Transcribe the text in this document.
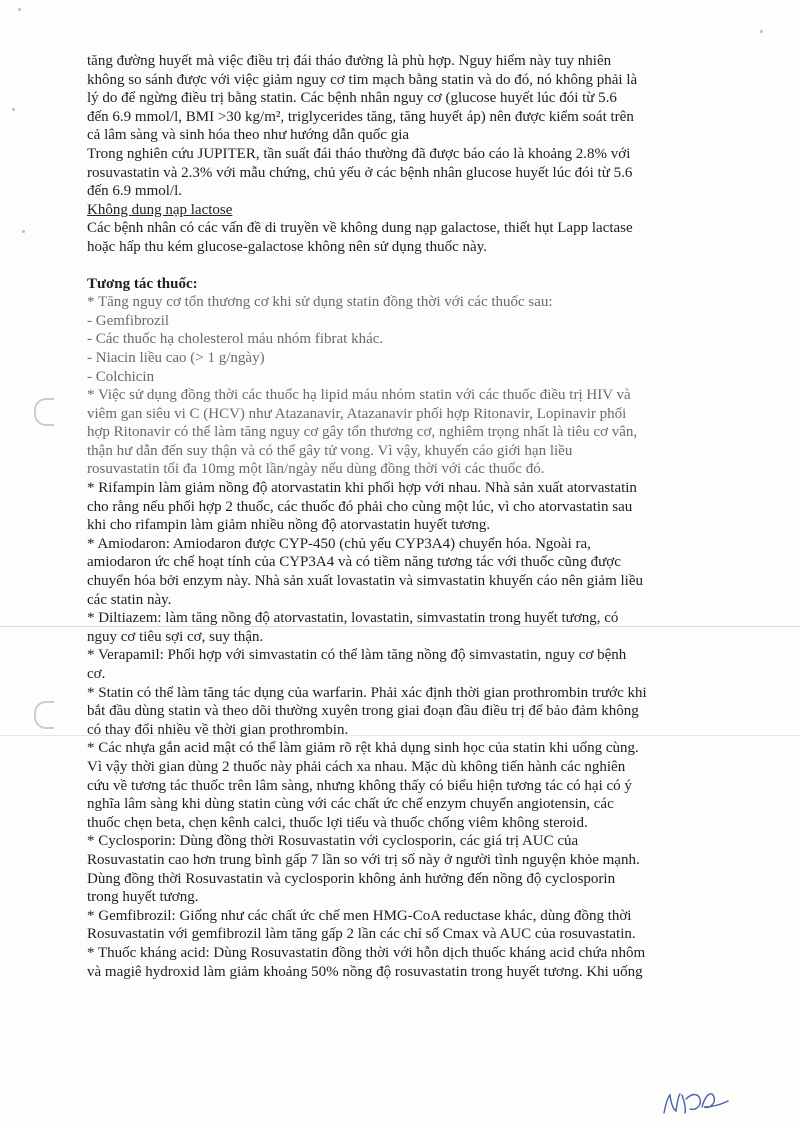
tăng đường huyết mà việc điều trị đái tháo đường là phù hợp. Nguy hiểm này tuy nhiên
không so sánh được với việc giảm nguy cơ tim mạch bằng statin và do đó, nó không phải là
lý do để ngừng điều trị bằng statin. Các bệnh nhân nguy cơ (glucose huyết lúc đói từ 5.6
đến 6.9 mmol/l, BMI >30 kg/m², triglycerides tăng, tăng huyết áp) nên được kiểm soát trên
cả lâm sàng và sinh hóa theo như hướng dẫn quốc gia
Trong nghiên cứu JUPITER, tần suất đái tháo thường đã được báo cáo là khoảng 2.8% với
rosuvastatin và 2.3% với mẫu chứng, chủ yếu ở các bệnh nhân glucose huyết lúc đói từ 5.6
đến 6.9 mmol/l.
Không dung nạp lactose
Các bệnh nhân có các vấn đề di truyền về không dung nạp galactose, thiết hụt Lapp lactase
hoặc hấp thu kém glucose-galactose không nên sử dụng thuốc này.
Tương tác thuốc:
* Tăng nguy cơ tổn thương cơ khi sử dụng statin đồng thời với các thuốc sau:
- Gemfibrozil
- Các thuốc hạ cholesterol máu nhóm fibrat khác.
- Niacin liều cao (> 1 g/ngày)
- Colchicin
* Việc sử dụng đồng thời các thuốc hạ lipid máu nhóm statin với các thuốc điều trị HIV và
viêm gan siêu vi C (HCV) như Atazanavir, Atazanavir phối hợp Ritonavir, Lopinavir phối
hợp Ritonavir có thể làm tăng nguy cơ gây tổn thương cơ, nghiêm trọng nhất là tiêu cơ vân,
thận hư dẫn đến suy thận và có thể gây tử vong. Vì vậy, khuyến cáo giới hạn liều
rosuvastatin tối đa 10mg một lần/ngày nếu dùng đồng thời với các thuốc đó.
* Rifampin làm giảm nồng độ atorvastatin khi phối hợp với nhau. Nhà sản xuất atorvastatin
cho rằng nếu phối hợp 2 thuốc, các thuốc đó phải cho cùng một lúc, vì cho atorvastatin sau
khi cho rifampin làm giảm nhiều nồng độ atorvastatin huyết tương.
* Amiodaron: Amiodaron được CYP-450 (chủ yếu CYP3A4) chuyển hóa. Ngoài ra,
amiodaron ức chế hoạt tính của CYP3A4 và có tiềm năng tương tác với thuốc cũng được
chuyển hóa bởi enzym này. Nhà sản xuất lovastatin và simvastatin khuyến cáo nên giảm liều
các statin này.
* Diltiazem: làm tăng nồng độ atorvastatin, lovastatin, simvastatin trong huyết tương, có
nguy cơ tiêu sợi cơ, suy thận.
* Verapamil: Phối hợp với simvastatin có thể làm tăng nồng độ simvastatin, nguy cơ bệnh
cơ.
* Statin có thể làm tăng tác dụng của warfarin. Phải xác định thời gian prothrombin trước khi
bắt đầu dùng statin và theo dõi thường xuyên trong giai đoạn đầu điều trị để bảo đảm không
có thay đổi nhiều về thời gian prothrombin.
* Các nhựa gắn acid mật có thể làm giảm rõ rệt khả dụng sinh học của statin khi uống cùng.
Vì vậy thời gian dùng 2 thuốc này phải cách xa nhau. Mặc dù không tiến hành các nghiên
cứu về tương tác thuốc trên lâm sàng, nhưng không thấy có biểu hiện tương tác có hại có ý
nghĩa lâm sàng khi dùng statin cùng với các chất ức chế enzym chuyển angiotensin, các
thuốc chẹn beta, chẹn kênh calci, thuốc lợi tiểu và thuốc chống viêm không steroid.
* Cyclosporin: Dùng đồng thời Rosuvastatin với cyclosporin, các giá trị AUC của
Rosuvastatin cao hơn trung bình gấp 7 lần so với trị số này ở người tình nguyện khỏe mạnh.
Dùng đồng thời Rosuvastatin và cyclosporin không ảnh hưởng đến nồng độ cyclosporin
trong huyết tương.
* Gemfibrozil: Giống như các chất ức chế men HMG-CoA reductase khác, dùng đồng thời
Rosuvastatin với gemfibrozil làm tăng gấp 2 lần các chỉ số Cmax và AUC của rosuvastatin.
* Thuốc kháng acid: Dùng Rosuvastatin đồng thời với hỗn dịch thuốc kháng acid chứa nhôm
và magiê hydroxid làm giảm khoảng 50% nồng độ rosuvastatin trong huyết tương. Khi uống
